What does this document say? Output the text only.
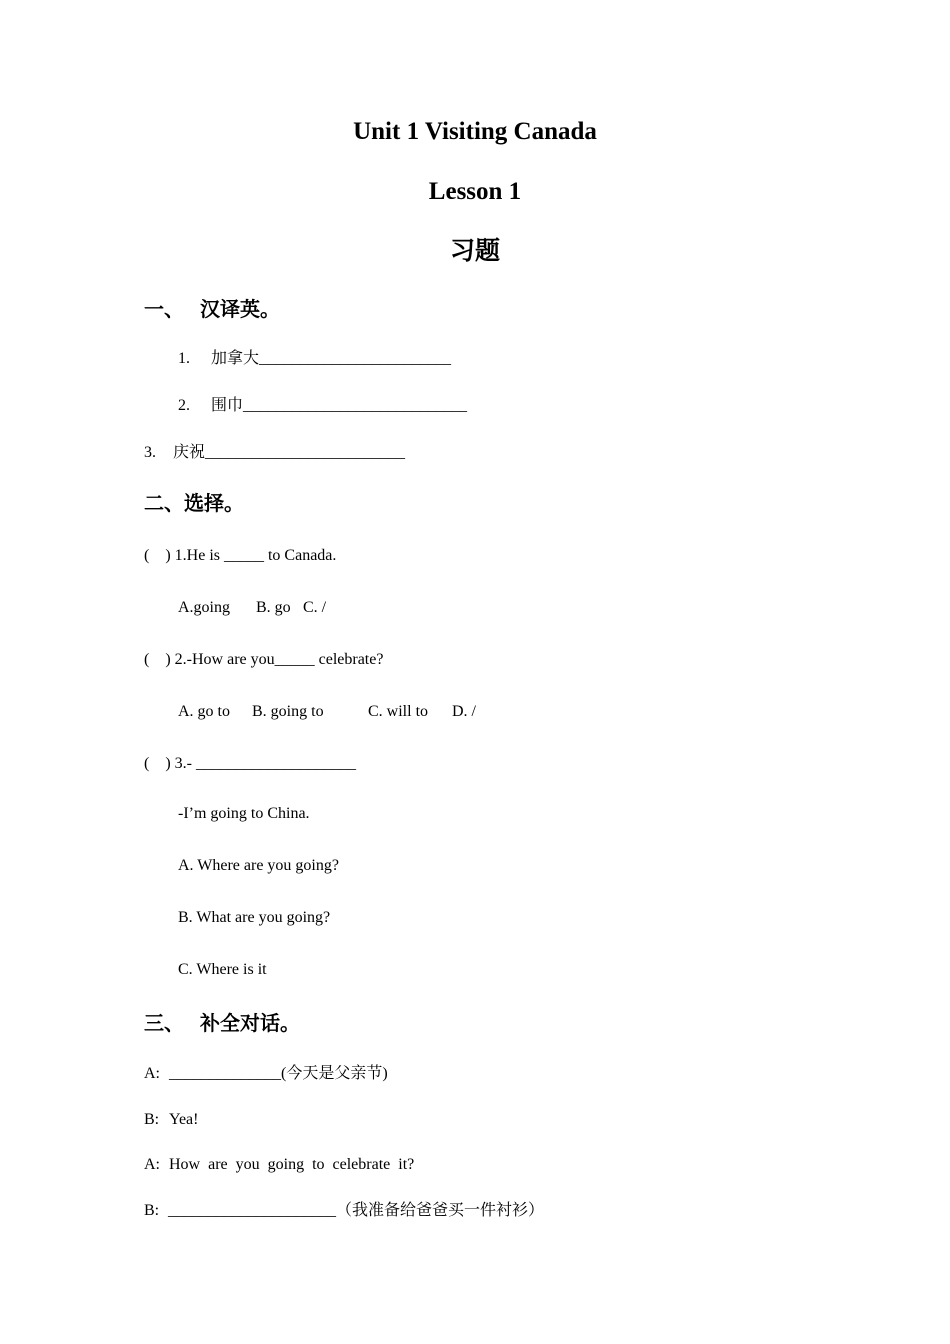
Unit 1 Visiting Canada
Lesson 1
习题
一、 汉译英。
1. 加拿大________________________
2. 围巾____________________________
3. 庆祝_________________________
二、选择。
(    ) 1.He is _____ to Canada.
A.going B. go C. /
(    ) 2.-How are you_____ celebrate?
A. go to B. going to	C. will to D. /
(    ) 3.- ____________________
-I’m going to China.
A. Where are you going?
B. What are you going?
C. Where is it
三、 补全对话。
A: ______________(今天是父亲节)
B: Yea!
A: How  are  you  going  to  celebrate  it?
B: _____________________（我准备给爸爸买一件衬衫）
